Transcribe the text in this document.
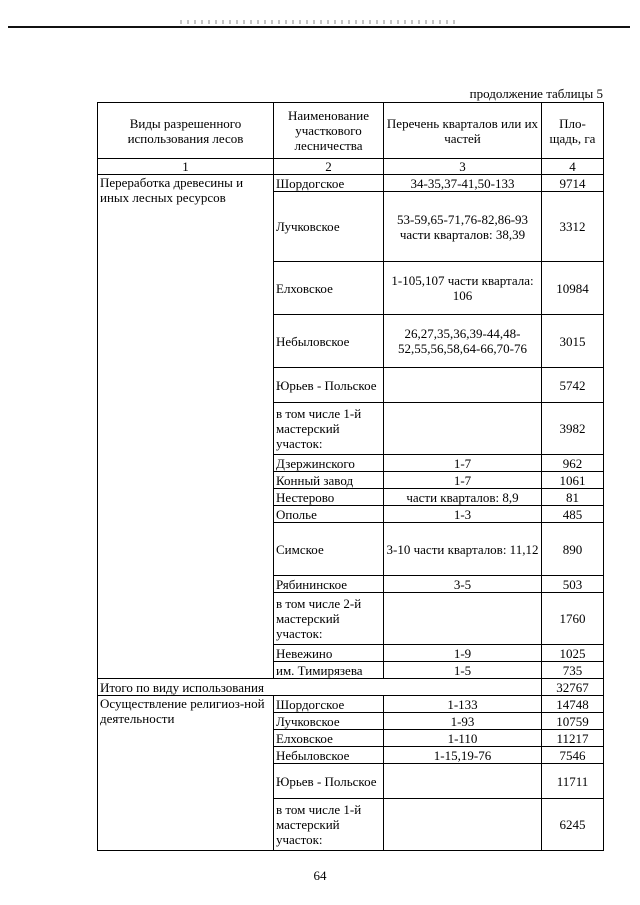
продолжение таблицы 5
Виды разрешенного использования лесов	Наименование участкового лесничества	Перечень кварталов или их частей	Пло-щадь, га
1	2	3	4
Переработка древесины и иных лесных ресурсов	Шордогское	34-35,37-41,50-133	9714
	Лучковское	53-59,65-71,76-82,86-93 части кварталов: 38,39	3312
	Елховское	1-105,107 части квартала: 106	10984
	Небыловское	26,27,35,36,39-44,48-52,55,56,58,64-66,70-76	3015
	Юрьев - Польское		5742
	в том числе 1-й мастерский участок:		3982
	Дзержинского	1-7	962
	Конный завод	1-7	1061
	Нестерово	части кварталов: 8,9	81
	Ополье	1-3	485
	Симское	3-10 части кварталов: 11,12	890
	Рябининское	3-5	503
	в том числе 2-й мастерский участок:		1760
	Невежино	1-9	1025
	им. Тимирязева	1-5	735
Итого по виду использования			32767
Осуществление религиоз-ной деятельности	Шордогское	1-133	14748
	Лучковское	1-93	10759
	Елховское	1-110	11217
	Небыловское	1-15,19-76	7546
	Юрьев - Польское		11711
	в том числе 1-й мастерский участок:		6245
64
